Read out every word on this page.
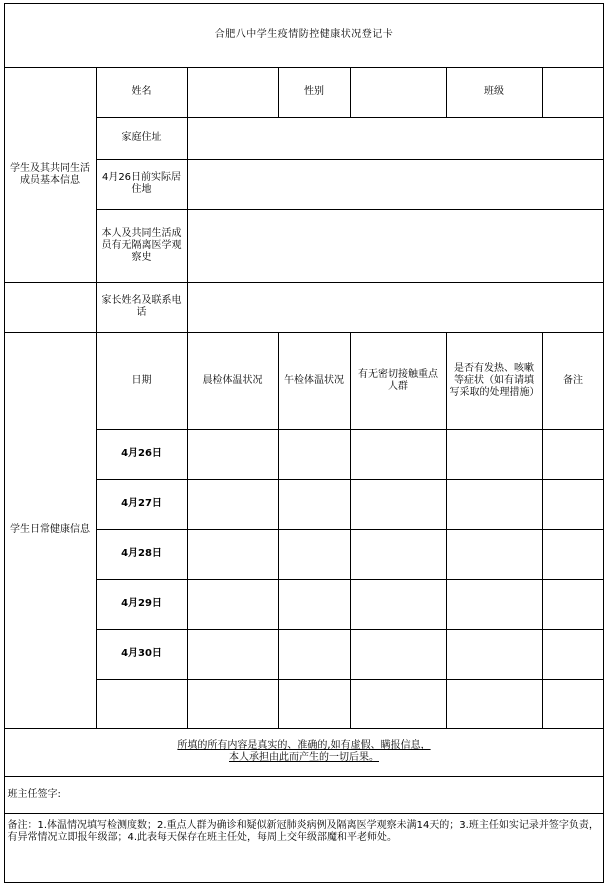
合肥八中学生疫情防控健康状况登记卡						
学生及其共同生活成员基本信息	姓名		性别		班级	
	家庭住址					
	4月26日前实际居住地					
	本人及共同生活成员有无隔离医学观察史					
	家长姓名及联系电话					
学生日常健康信息	日期	晨检体温状况	午检体温状况	有无密切接触重点人群	是否有发热、咳嗽等症状（如有请填写采取的处理措施）	备注
	4月26日					
	4月27日					
	4月28日					
	4月29日					
	4月30日					

所填的所有内容是真实的、准确的,如有虚假、瞒报信息，
本人承担由此而产生的一切后果。						
班主任签字:						
备注：1.体温情况填写检测度数；2.重点人群为确诊和疑似新冠肺炎病例及隔离医学观察未满14天的；3.班主任如实记录并签字负责，有异常情况立即报年级部；4.此表每天保存在班主任处，每周上交年级部魔和平老师处。						
